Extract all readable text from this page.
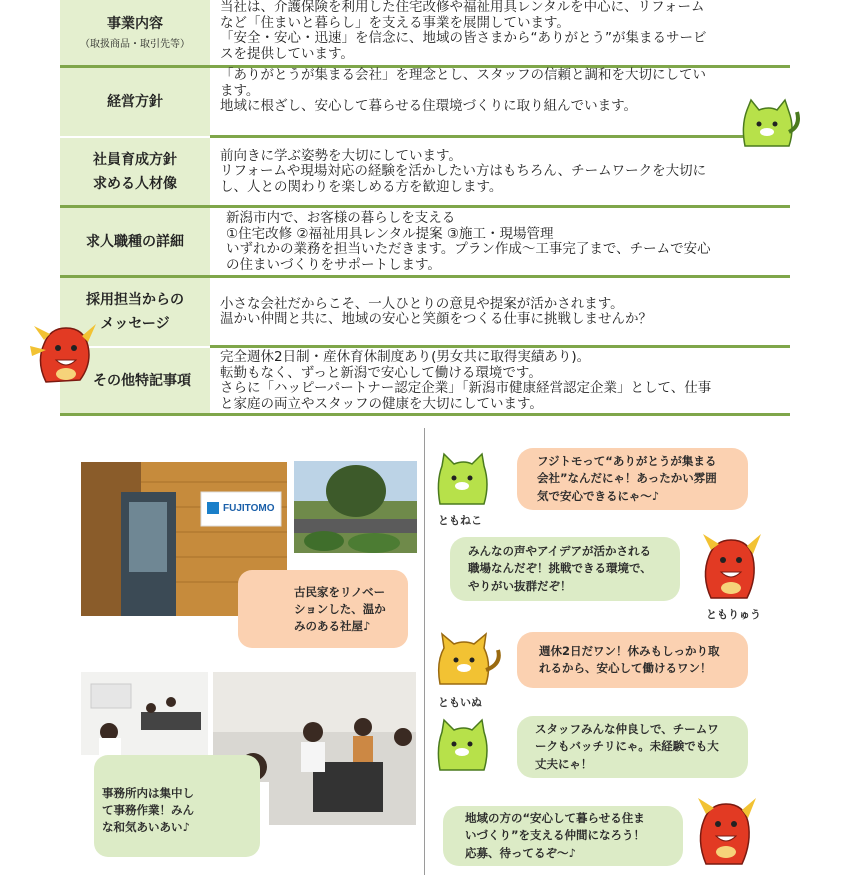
事業内容
（取扱商品・取引先等）
当社は、介護保険を利用した住宅改修や福祉用具レンタルを中心に、リフォーム
など「住まいと暮らし」を支える事業を展開しています。
「安全・安心・迅速」を信念に、地域の皆さまから“ありがとう”が集まるサービ
スを提供しています。
経営方針
「ありがとうが集まる会社」を理念とし、スタッフの信頼と調和を大切にしてい
ます。
地域に根ざし、安心して暮らせる住環境づくりに取り組んでいます。
社員育成方針
求める人材像
前向きに学ぶ姿勢を大切にしています。
リフォームや現場対応の経験を活かしたい方はもちろん、チームワークを大切に
し、人との関わりを楽しめる方を歓迎します。
求人職種の詳細
新潟市内で、お客様の暮らしを支える
①住宅改修 ②福祉用具レンタル提案 ③施工・現場管理
いずれかの業務を担当いただきます。プラン作成～工事完了まで、チームで安心
の住まいづくりをサポートします。
採用担当からの
メッセージ
小さな会社だからこそ、一人ひとりの意見や提案が活かされます。
温かい仲間と共に、地域の安心と笑顔をつくる仕事に挑戦しませんか？
その他特記事項
完全週休2日制・産休育休制度あり(男女共に取得実績あり)。
転勤もなく、ずっと新潟で安心して働ける環境です。
さらに「ハッピーパートナー認定企業」「新潟市健康経営認定企業」として、仕事
と家庭の両立やスタッフの健康を大切にしています。
FUJITOMO
古民家をリノベー
ションした、温か
みのある社屋♪
事務所内は集中し
て事務作業！みん
な和気あいあい♪
ともねこ
フジトモって“ありがとうが集まる
会社”なんだにゃ！あったかい雰囲
気で安心できるにゃ～♪
みんなの声やアイデアが活かされる
職場なんだぞ！挑戦できる環境で、
やりがい抜群だぞ！
ともりゅう
ともいぬ
週休2日だワン！休みもしっかり取
れるから、安心して働けるワン！
スタッフみんな仲良しで、チームワ
ークもバッチリにゃ。未経験でも大
丈夫にゃ！
地域の方の“安心して暮らせる住ま
いづくり”を支える仲間になろう！
応募、待ってるぞ～♪
